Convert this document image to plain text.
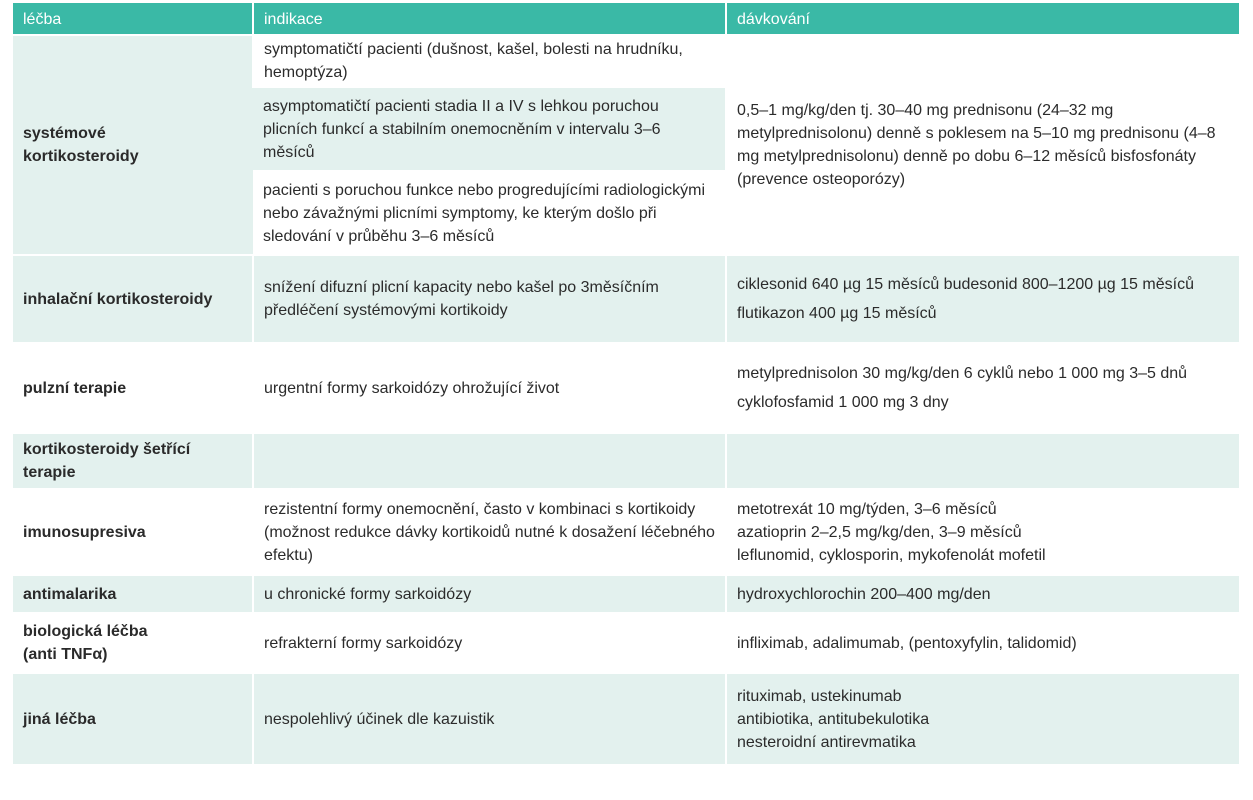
léčba	indikace	dávkování

systémové kortikosteroidy	symptomatičtí pacienti (dušnost, kašel, bolesti na hrudníku, hemoptýza)	0,5–1 mg/kg/den tj. 30–40 mg prednisonu (24–32 mg metylprednisolonu) denně s poklesem na 5–10 mg prednisonu (4–8 mg metylprednisolonu) denně po dobu 6–12 měsíců bisfosfonáty (prevence osteoporózy)
	asymptomatičtí pacienti stadia II a IV s lehkou poruchou plicních funkcí a stabilním onemocněním v intervalu 3–6 měsíců	
	pacienti s poruchou funkce nebo progredujícími radiologickými nebo závažnými plicními symptomy, ke kterým došlo při sledování v průběhu 3–6 měsíců	
inhalační kortikosteroidy	snížení difuzní plicní kapacity nebo kašel po 3měsíčním předléčení systémovými kortikoidy	ciklesonid 640 µg 15 měsíců budesonid 800–1200 µg 15 měsíců
flutikazon 400 µg 15 měsíců

pulzní terapie	urgentní formy sarkoidózy ohrožující život	metylprednisolon 30 mg/kg/den 6 cyklů nebo 1 000 mg 3–5 dnů
cyklofosfamid 1 000 mg 3 dny

kortikosteroidy šetřící terapie		
imunosupresiva	rezistentní formy onemocnění, často v kombinaci s kortikoidy (možnost redukce dávky kortikoidů nutné k dosažení léčebného efektu)	metotrexát 10 mg/týden, 3–6 měsíců
azatioprin 2–2,5 mg/kg/den, 3–9 měsíců
leflunomid, cyklosporin, mykofenolát mofetil

antimalarika	u chronické formy sarkoidózy	hydroxychlorochin 200–400 mg/den

biologická léčba (anti TNFα)	refrakterní formy sarkoidózy	infliximab, adalimumab, (pentoxyfylin, talidomid)
jiná léčba	nespolehlivý účinek dle kazuistik	rituximab, ustekinumab
antibiotika, antitubekulotika
nesteroidní antirevmatika
